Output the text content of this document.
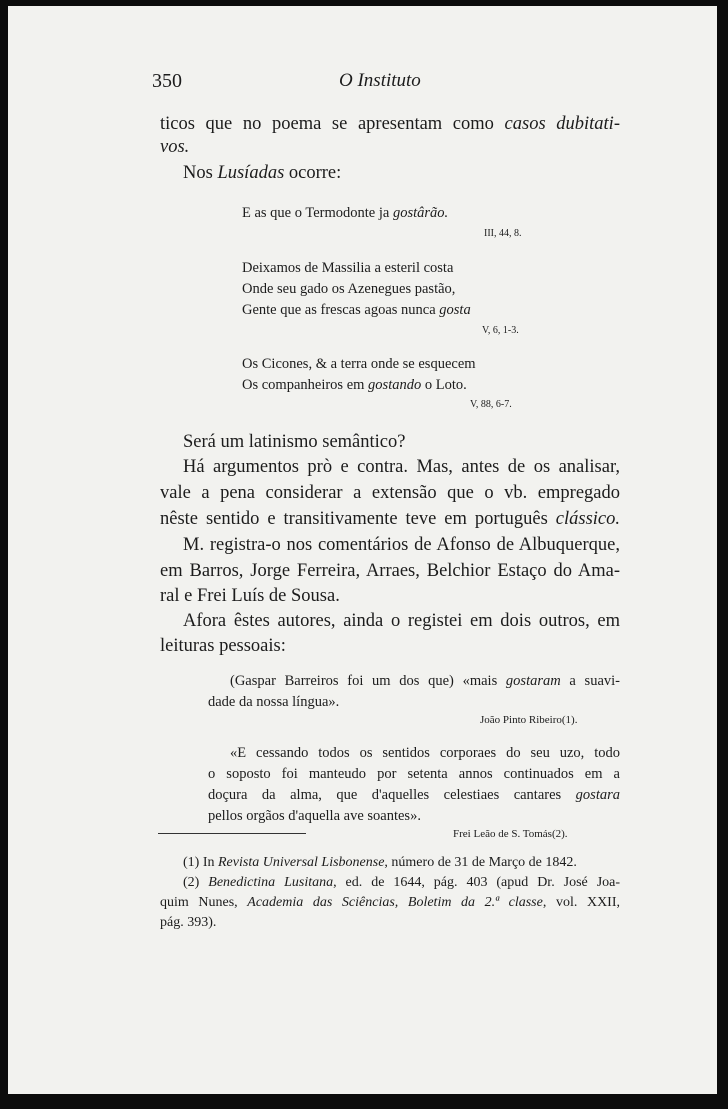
350	O Instituto
ticos que no poema se apresentam como casos dubitati-
vos.
Nos Lusíadas ocorre:
E as que o Termodonte ja gostârão.
III, 44, 8.
Deixamos de Massilia a esteril costa
Onde seu gado os Azenegues pastão,
Gente que as frescas agoas nunca gosta
V, 6, 1-3.
Os Cicones, & a terra onde se esquecem
Os companheiros em gostando o Loto.
V, 88, 6-7.
Será um latinismo semântico?
Há argumentos prò e contra. Mas, antes de os analisar,
vale a pena considerar a extensão que o vb. empregado
nêste sentido e transitivamente teve em português clássico.
M. registra-o nos comentários de Afonso de Albuquerque,
em Barros, Jorge Ferreira, Arraes, Belchior Estaço do Ama-
ral e Frei Luís de Sousa.
Afora êstes autores, ainda o registei em dois outros, em
leituras pessoais:
(Gaspar Barreiros foi um dos que) «mais gostaram a suavi-
dade da nossa língua».
João Pinto Ribeiro(1).
«E cessando todos os sentidos corporaes do seu uzo, todo
o soposto foi manteudo por setenta annos continuados em a
doçura da alma, que d'aquelles celestiaes cantares gostara
pellos orgãos d'aquella ave soantes».
Frei Leão de S. Tomás(2).
(1) In Revista Universal Lisbonense, número de 31 de Março de 1842.
(2) Benedictina Lusitana, ed. de 1644, pág. 403 (apud Dr. José Joa-
quim Nunes, Academia das Sciências, Boletim da 2.ª classe, vol. XXII,
pág. 393).
